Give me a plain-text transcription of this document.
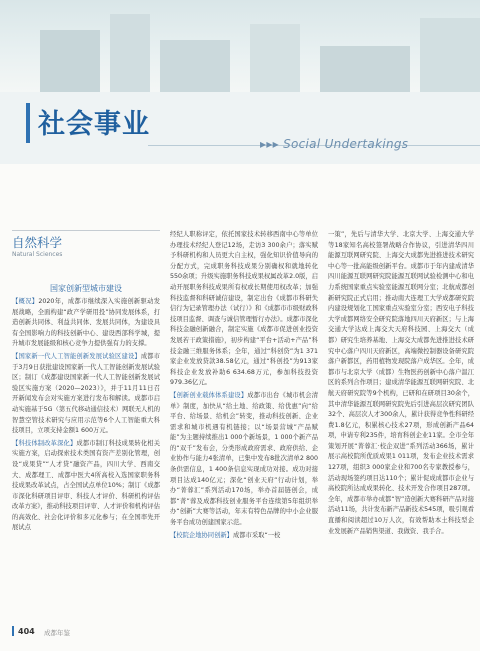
社会事业
▸▸▸ Social Undertakings
自然科学
Natural Sciences
国家创新型城市建设

【概况】2020年，成都市继续深入实施创新驱动发展战略，全面构建“政产学研用投”协同发展体系，打造创新共同体、利益共同体、发展共同体，为建设具有全国影响力的科技创新中心、建设西部科学城，提升城市发展能级和核心竞争力提供强有力的支撑。

【国家新一代人工智能创新发展试验区建设】成都市于3月9日获批建设国家新一代人工智能创新发展试验区；制订《成都建设国家新一代人工智能创新发展试验区实施方案（2020—2023）》，并于11月11日召开新闻发布会对实施方案进行发布和解读。成都市启动实施基于5G（第五代移动通信技术）网联无人机的智慧空管技术研究与应用示范等6个人工智能重大科技项目，立项支持金额1 600万元。

【科技体制改革深化】成都市制订科技成果转化相关实施方案，启动探索技术类国有资产差别化管理，创设“成果贷”“人才贷”融资产品，四川大学、西南交大、成都理工、成都中医大4所高校入选国家职务科技成果改革试点，占全国试点单位10%；制订《成都市深化科研项目评审、科技人才评价、科研机构评估改革方案》，推动科技项目评审、人才评价和机构评估的高效化、社会化评价和多元化参与；在全国率先开展试点

经纪人职称评定，依托国家技术转移西南中心等单位办理技术经纪人登记12场，走访3 300余户；落实赋予科研机构和人员更大自主权，强化知识价值导向的分配方式，完成职务科技成果分别确权和就地转化550余项；升级实施职务科技成果权属改革2.0版，启动开展职务科技成果所有权或长期使用权改革；加强科技监督和科研诚信建设，制定出台《成都市科研失信行为记录管理办法（试行）》和《成都市市级财政科技项目监督、调查与诚信管理暂行办法》。成都市深化科技金融创新融合，制定实施《成都市促进创业投资发展若干政策措施》，初步构建“平台+活动+产品”科技金融三维服务体系；全年，通过“科创贷”为1 371家企业发放贷款38.58亿元，通过“科创投”为913家科技企业发放补助6 634.68万元，参加科技投资979.36亿元。

【创新创业载体体系建设】成都市出台《城市机会清单》制度，加快从“给土地、给政策、给优惠”向“给平台、给场景、给机会”转变，推动科技创新、企业需求和城市机遇有机链接；以“场景营城”产品赋能”为主题持续推出1 000个新场景，1 000个新产品的“双千”发布会，分类形成政府需求、政府供给、企业协作与能力4张清单，已集中发布8批次清单2 800条供需信息，1 400条信息实现成功对接。成功对接项目达成140亿元；深化“创业天府”行动计划，举办“菁蓉汇”系列活动170场，举办首届链创会，成都“菁”蓉及成都科技创业服务平台连续第5年组织举办“创新”大赛等活动，年末有特色品牌的中小企业服务平台成功创建国家示范。

【校院企地协同创新】成都市采取“一校

一策”，先后与清华大学、北京大学、上海交通大学等18家知名高校签署战略合作协议，引进清华四川能源互联网研究院、上海交大成都先进推进技术研究中心等一批高能级创新平台。成都市于年内建成清华四川能源互联网研究院能源互联网试验检测中心和电力系统国家重点实验室能源互联网分室；北航成都创新研究院正式启用；推动南大连理工大学成都研究院内建设规划化工国家重点实验室分室；西安电子科技大学成都网络安全研究院落地四川天府新区；与上海交通大学达成上海交大天府科技园、上海交大（成都）研究生培养基地、上海交大成都先进推进技术研究中心落户四川天府新区，高端微控制器设备研究院落户新都区，药用植物发现院落户成华区。全年，成都市与北京大学（成都）生物医药创新中心落户温江区的系列合作项目；建成清华能源互联网研究院、北航天府研究院等9个机构，已研和在研项目30余个，其中清华能源互联网研究院先后引进高层次研究团队32个、高层次人才300余人，累计获得竞争性科研经费1.8亿元，积累核心技术27项，形成创新产品64项，申请专利235件，培育科创企业11家。全市全年策划开展“菁蓉汇·校企双进”系列活动366场，累计展示高校院所优质成果1 011项，发布企业技术需求127项，组织3 000家企业和700名专家教授参与，活动现场签约项目达110个；累计促成成都市企业与高校院所达成成果转化、技术开发合作项目287项。全年，成都市举办成都“智”造创新大赛科研产品对接活动11场，共计发布新产品新技术545项，吸引观看直播和阅读超过10万人次，有效帮助本土科技型企业发展新产品销售渠道、我做资、我手合。

404 成都年鉴
